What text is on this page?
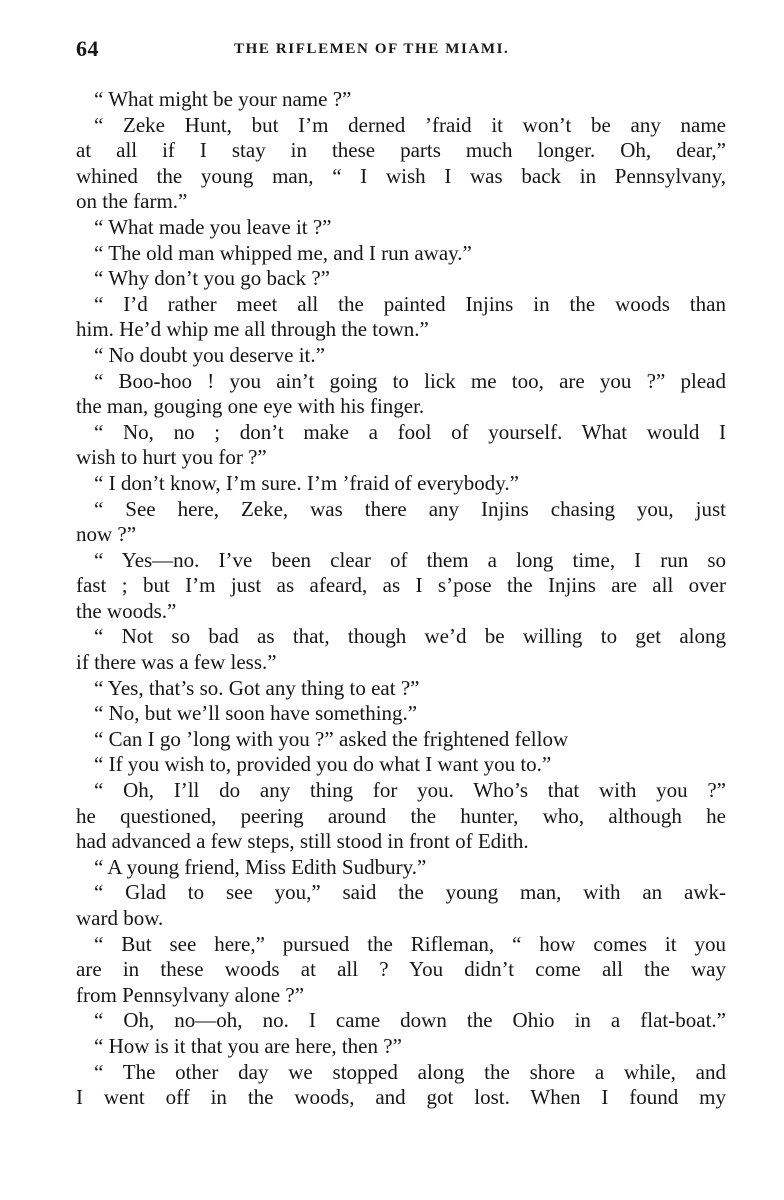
64	THE RIFLEMEN OF THE MIAMI.
“ What might be your name ?”
“ Zeke Hunt, but I’m derned ’fraid it won’t be any name
at all if I stay in these parts much longer. Oh, dear,”
whined the young man, “ I wish I was back in Pennsylvany,
on the farm.”
“ What made you leave it ?”
“ The old man whipped me, and I run away.”
“ Why don’t you go back ?”
“ I’d rather meet all the painted Injins in the woods than
him. He’d whip me all through the town.”
“ No doubt you deserve it.”
“ Boo-hoo ! you ain’t going to lick me too, are you ?” plead
the man, gouging one eye with his finger.
“ No, no ; don’t make a fool of yourself. What would I
wish to hurt you for ?”
“ I don’t know, I’m sure. I’m ’fraid of everybody.”
“ See here, Zeke, was there any Injins chasing you, just
now ?”
“ Yes—no. I’ve been clear of them a long time, I run so
fast ; but I’m just as afeard, as I s’pose the Injins are all over
the woods.”
“ Not so bad as that, though we’d be willing to get along
if there was a few less.”
“ Yes, that’s so. Got any thing to eat ?”
“ No, but we’ll soon have something.”
“ Can I go ’long with you ?” asked the frightened fellow
“ If you wish to, provided you do what I want you to.”
“ Oh, I’ll do any thing for you. Who’s that with you ?”
he questioned, peering around the hunter, who, although he
had advanced a few steps, still stood in front of Edith.
“ A young friend, Miss Edith Sudbury.”
“ Glad to see you,” said the young man, with an awk-
ward bow.
“ But see here,” pursued the Rifleman, “ how comes it you
are in these woods at all ? You didn’t come all the way
from Pennsylvany alone ?”
“ Oh, no—oh, no. I came down the Ohio in a flat-boat.”
“ How is it that you are here, then ?”
“ The other day we stopped along the shore a while, and
I went off in the woods, and got lost. When I found my
